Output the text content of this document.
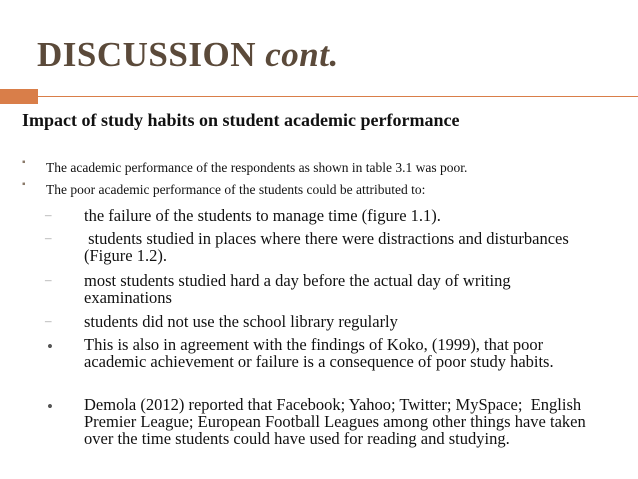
DISCUSSION cont.
Impact of study habits on student academic performance
▪ The academic performance of the respondents as shown in table 3.1 was poor.
▪ The poor academic performance of the students could be attributed to:
– the failure of the students to manage time (figure 1.1).
– students studied in places where there were distractions and disturbances (Figure 1.2).
– most students studied hard a day before the actual day of writing examinations
– students did not use the school library regularly
• This is also in agreement with the findings of Koko, (1999), that poor academic achievement or failure is a consequence of poor study habits.
• Demola (2012) reported that Facebook; Yahoo; Twitter; MySpace;  English Premier League; European Football Leagues among other things have taken over the time students could have used for reading and studying.
